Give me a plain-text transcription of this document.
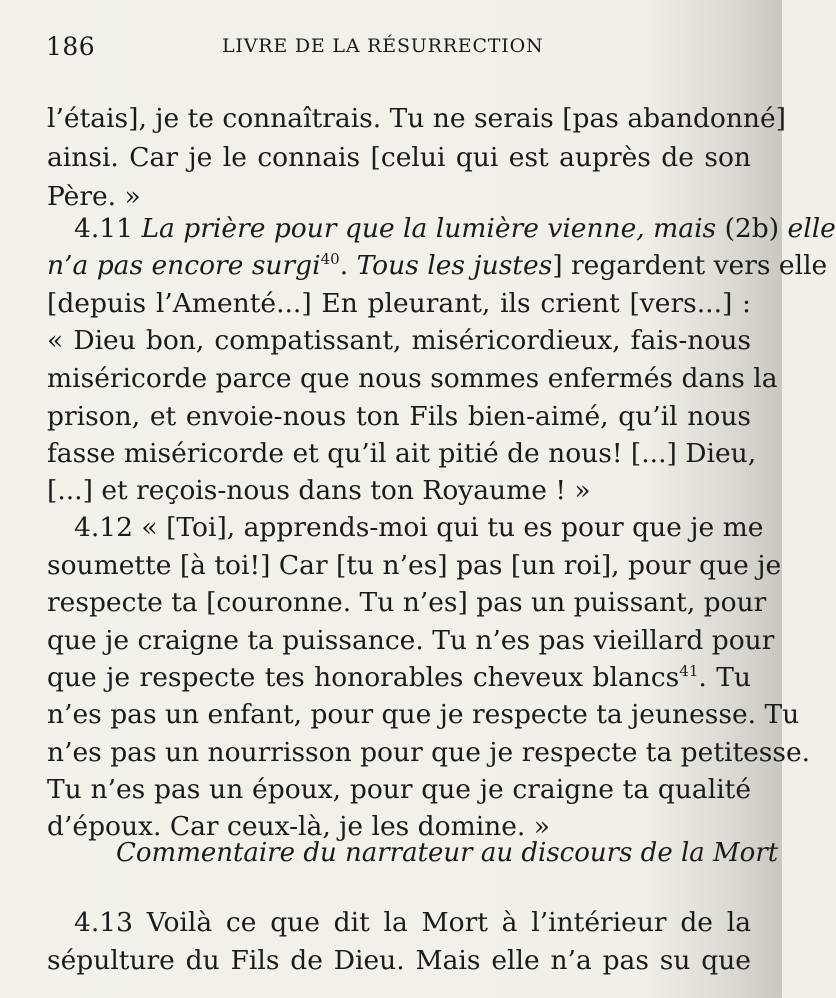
186	LIVRE DE LA RÉSURRECTION
l’étais], je te connaîtrais. Tu ne serais [pas abandonné]
ainsi. Car je le connais [celui qui est auprès de son
Père. »
4.11 La prière pour que la lumière vienne, mais (2b) elle
n’a pas encore surgi$^{40}$. Tous les justes] regardent vers elle
[depuis l’Amenté...] En pleurant, ils crient [vers...] :
« Dieu bon, compatissant, miséricordieux, fais-nous
miséricorde parce que nous sommes enfermés dans la
prison, et envoie-nous ton Fils bien-aimé, qu’il nous
fasse miséricorde et qu’il ait pitié de nous! [...] Dieu,
[...] et reçois-nous dans ton Royaume ! »
4.12 « [Toi], apprends-moi qui tu es pour que je me
soumette [à toi!] Car [tu n’es] pas [un roi], pour que je
respecte ta [couronne. Tu n’es] pas un puissant, pour
que je craigne ta puissance. Tu n’es pas vieillard pour
que je respecte tes honorables cheveux blancs$^{41}$. Tu
n’es pas un enfant, pour que je respecte ta jeunesse. Tu
n’es pas un nourrisson pour que je respecte ta petitesse.
Tu n’es pas un époux, pour que je craigne ta qualité
d’époux. Car ceux-là, je les domine. »
Commentaire du narrateur au discours de la Mort
4.13 Voilà ce que dit la Mort à l’intérieur de la
sépulture du Fils de Dieu. Mais elle n’a pas su que
